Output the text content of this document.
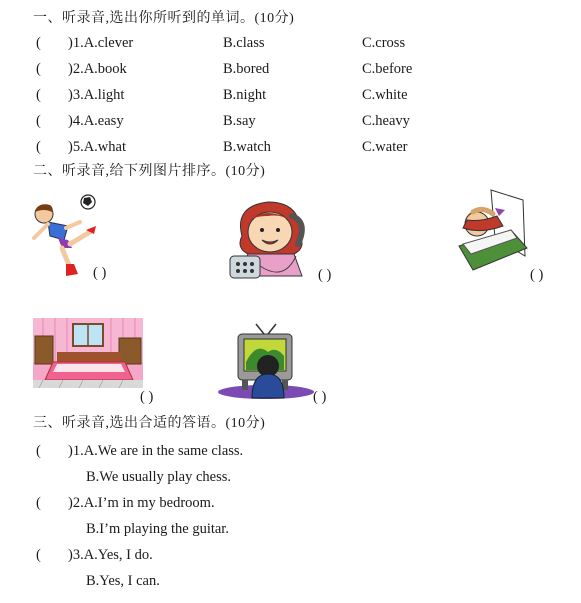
一、听录音,选出你所听到的单词。(10分)
( )1.A.clever	B.class	C.cross
( )2.A.book	B.bored	C.before
( )3.A.light	B.night	C.white
( )4.A.easy	B.say	C.heavy
( )5.A.what	B.watch	C.water
二、听录音,给下列图片排序。(10分)
( )	( )	( )
( )	( )
三、听录音,选出合适的答语。(10分)
( )1.A.We are in the same class.
B.We usually play chess.
( )2.A.I’m in my bedroom.
B.I’m playing the guitar.
( )3.A.Yes, I do.
B.Yes, I can.
